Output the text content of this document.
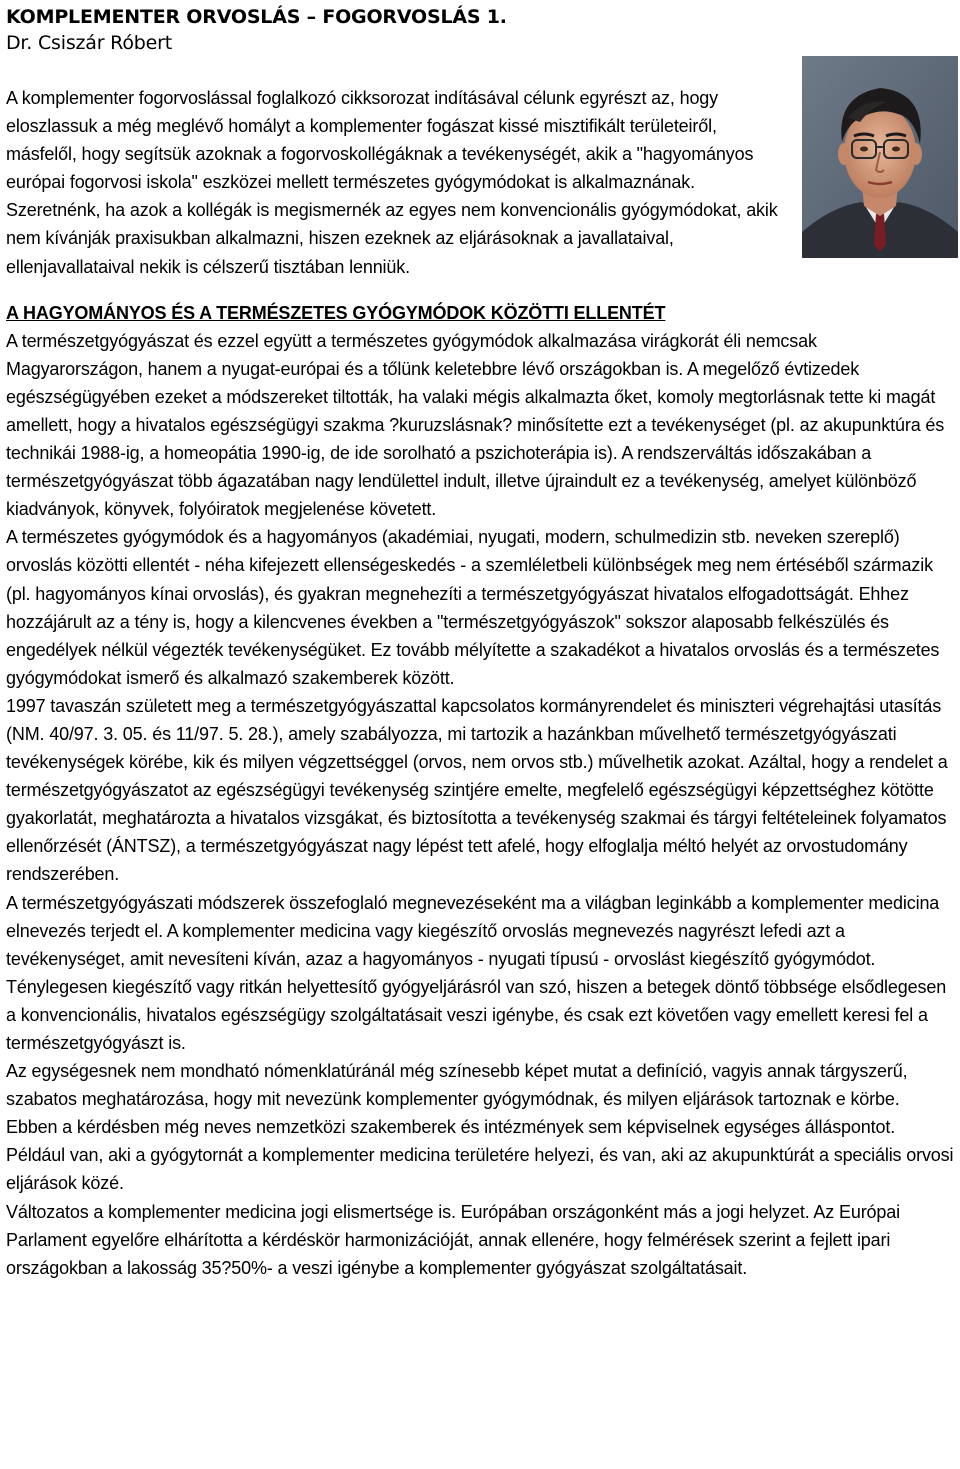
KOMPLEMENTER ORVOSLÁS – FOGORVOSLÁS 1.
Dr. Csiszár Róbert

A komplementer fogorvoslással foglalkozó cikksorozat indításával célunk egyrészt az, hogy eloszlassuk a még meglévő homályt a komplementer fogászat kissé misztifikált területeiről, másfelől, hogy segítsük azoknak a fogorvoskollégáknak a tevékenységét, akik a "hagyományos európai fogorvosi iskola" eszközei mellett természetes gyógymódokat is alkalmaznának. Szeretnénk, ha azok a kollégák is megismernék az egyes nem konvencionális gyógymódokat, akik nem kívánják praxisukban alkalmazni, hiszen ezeknek az eljárásoknak a javallataival, ellenjavallataival nekik is célszerű tisztában lenniük.

A HAGYOMÁNYOS ÉS A TERMÉSZETES GYÓGYMÓDOK KÖZÖTTI ELLENTÉT

A természetgyógyászat és ezzel együtt a természetes gyógymódok alkalmazása virágkorát éli nemcsak Magyarországon, hanem a nyugat-európai és a tőlünk keletebbre lévő országokban is. A megelőző évtizedek egészségügyében ezeket a módszereket tiltották, ha valaki mégis alkalmazta őket, komoly megtorlásnak tette ki magát amellett, hogy a hivatalos egészségügyi szakma ?kuruzslásnak? minősítette ezt a tevékenységet (pl. az akupunktúra és technikái 1988-ig, a homeopátia 1990-ig, de ide sorolható a pszichoterápia is). A rendszerváltás időszakában a természetgyógyászat több ágazatában nagy lendülettel indult, illetve újraindult ez a tevékenység, amelyet különböző kiadványok, könyvek, folyóiratok megjelenése követett.

A természetes gyógymódok és a hagyományos (akadémiai, nyugati, modern, schulmedizin stb. neveken szereplő) orvoslás közötti ellentét - néha kifejezett ellenségeskedés - a szemléletbeli különbségek meg nem értéséből származik (pl. hagyományos kínai orvoslás), és gyakran megnehezíti a természetgyógyászat hivatalos elfogadottságát. Ehhez hozzájárult az a tény is, hogy a kilencvenes években a "természetgyógyászok" sokszor alaposabb felkészülés és engedélyek nélkül végezték tevékenységüket. Ez tovább mélyítette a szakadékot a hivatalos orvoslás és a természetes gyógymódokat ismerő és alkalmazó szakemberek között.

1997 tavaszán született meg a természetgyógyászattal kapcsolatos kormányrendelet és miniszteri végrehajtási utasítás (NM. 40/97. 3. 05. és 11/97. 5. 28.), amely szabályozza, mi tartozik a hazánkban művelhető természetgyógyászati tevékenységek körébe, kik és milyen végzettséggel (orvos, nem orvos stb.) művelhetik azokat. Azáltal, hogy a rendelet a természetgyógyászatot az egészségügyi tevékenység szintjére emelte, megfelelő egészségügyi képzettséghez kötötte gyakorlatát, meghatározta a hivatalos vizsgákat, és biztosította a tevékenység szakmai és tárgyi feltételeinek folyamatos ellenőrzését (ÁNTSZ), a természetgyógyászat nagy lépést tett afelé, hogy elfoglalja méltó helyét az orvostudomány rendszerében.

A természetgyógyászati módszerek összefoglaló megnevezéseként ma a világban leginkább a komplementer medicina elnevezés terjedt el. A komplementer medicina vagy kiegészítő orvoslás megnevezés nagyrészt lefedi azt a tevékenységet, amit nevesíteni kíván, azaz a hagyományos - nyugati típusú - orvoslást kiegészítő gyógymódot. Ténylegesen kiegészítő vagy ritkán helyettesítő gyógyeljárásról van szó, hiszen a betegek döntő többsége elsődlegesen a konvencionális, hivatalos egészségügy szolgáltatásait veszi igénybe, és csak ezt követően vagy emellett keresi fel a természetgyógyászt is.

Az egységesnek nem mondható nómenklatúránál még színesebb képet mutat a definíció, vagyis annak tárgyszerű, szabatos meghatározása, hogy mit nevezünk komplementer gyógymódnak, és milyen eljárások tartoznak e körbe. Ebben a kérdésben még neves nemzetközi szakemberek és intézmények sem képviselnek egységes álláspontot. Például van, aki a gyógytornát a komplementer medicina területére helyezi, és van, aki az akupunktúrát a speciális orvosi eljárások közé.

Változatos a komplementer medicina jogi elismertsége is. Európában országonként más a jogi helyzet. Az Európai Parlament egyelőre elhárította a kérdéskör harmonizációját, annak ellenére, hogy felmérések szerint a fejlett ipari országokban a lakosság 35?50%- a veszi igénybe a komplementer gyógyászat szolgáltatásait.
